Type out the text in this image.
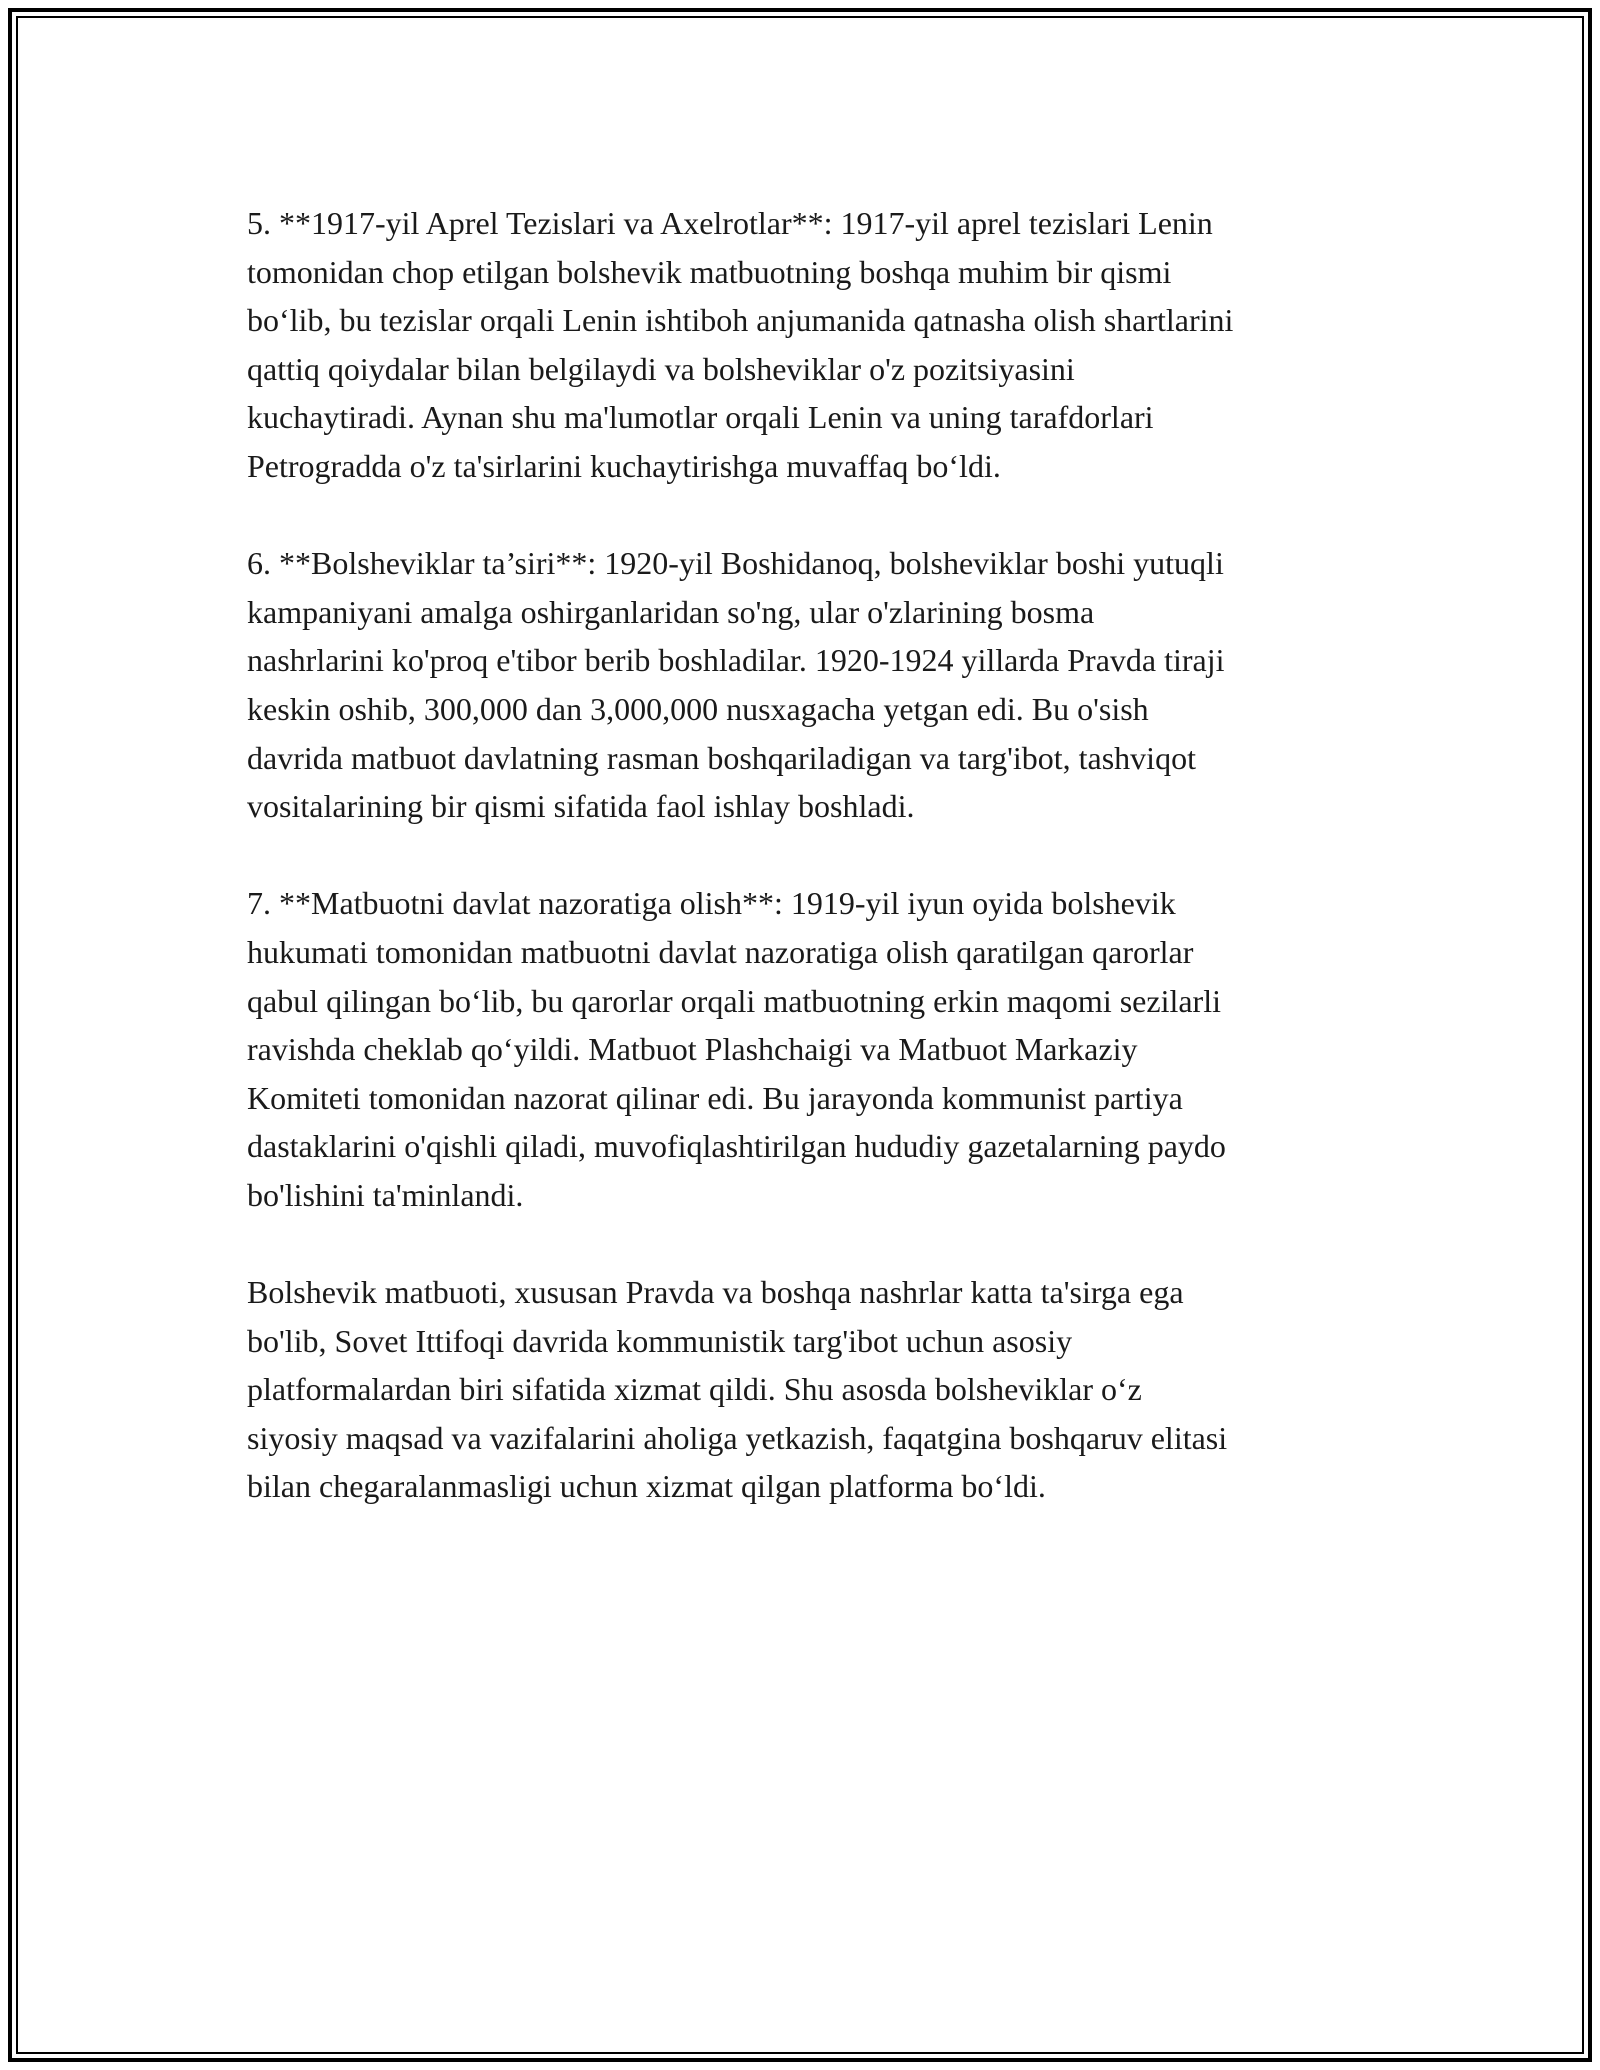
5. **1917-yil Aprel Tezislari va Axelrotlar**: 1917-yil aprel tezislari Lenin
tomonidan chop etilgan bolshevik matbuotning boshqa muhim bir qismi
bo‘lib, bu tezislar orqali Lenin ishtiboh anjumanida qatnasha olish shartlarini
qattiq qoiydalar bilan belgilaydi va bolsheviklar o'z pozitsiyasini
kuchaytiradi. Aynan shu ma'lumotlar orqali Lenin va uning tarafdorlari
Petrogradda o'z ta'sirlarini kuchaytirishga muvaffaq bo‘ldi.

6. **Bolsheviklar ta’siri**: 1920-yil Boshidanoq, bolsheviklar boshi yutuqli
kampaniyani amalga oshirganlaridan so'ng, ular o'zlarining bosma
nashrlarini ko'proq e'tibor berib boshladilar. 1920-1924 yillarda Pravda tiraji
keskin oshib, 300,000 dan 3,000,000 nusxagacha yetgan edi. Bu o'sish
davrida matbuot davlatning rasman boshqariladigan va targ'ibot, tashviqot
vositalarining bir qismi sifatida faol ishlay boshladi.

7. **Matbuotni davlat nazoratiga olish**: 1919-yil iyun oyida bolshevik
hukumati tomonidan matbuotni davlat nazoratiga olish qaratilgan qarorlar
qabul qilingan bo‘lib, bu qarorlar orqali matbuotning erkin maqomi sezilarli
ravishda cheklab qo‘yildi. Matbuot Plashchaigi va Matbuot Markaziy
Komiteti tomonidan nazorat qilinar edi. Bu jarayonda kommunist partiya
dastaklarini o'qishli qiladi, muvofiqlashtirilgan hududiy gazetalarning paydo
bo'lishini ta'minlandi.

Bolshevik matbuoti, xususan Pravda va boshqa nashrlar katta ta'sirga ega
bo'lib, Sovet Ittifoqi davrida kommunistik targ'ibot uchun asosiy
platformalardan biri sifatida xizmat qildi. Shu asosda bolsheviklar o‘z
siyosiy maqsad va vazifalarini aholiga yetkazish, faqatgina boshqaruv elitasi
bilan chegaralanmasligi uchun xizmat qilgan platforma bo‘ldi.
